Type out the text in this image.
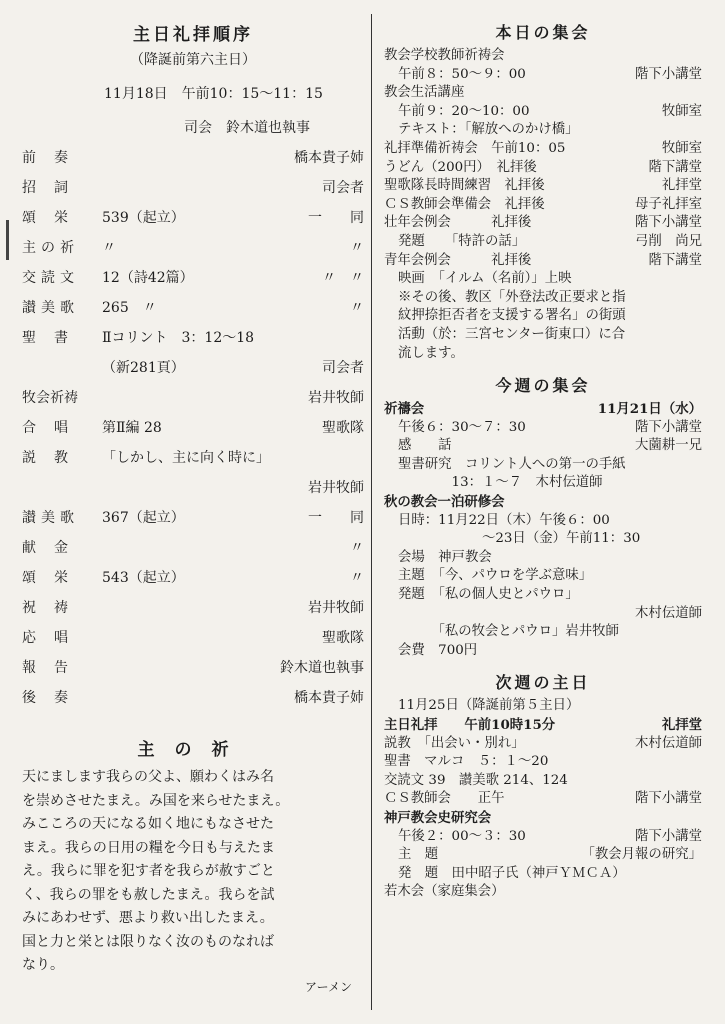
主日礼拝順序
（降誕前第六主日）
11月18日　午前10：15〜11：15
司会　鈴木道也執事
前奏	橋本貴子姉
招詞	司会者
頌栄	539（起立）	一　　同
主の祈	〃	〃
交読文	12（詩42篇）	〃　〃
讃美歌	265　〃	〃
聖書	Ⅱコリント　3：12〜18
（新281頁）	司会者
牧会祈祷	岩井牧師
合唱	第Ⅱ編 28	聖歌隊
説教	「しかし、主に向く時に」
岩井牧師
讃美歌	367（起立）	一　　同
献金	〃
頌栄	543（起立）	〃
祝祷	岩井牧師
応唱	聖歌隊
報告	鈴木道也執事
後奏	橋本貴子姉
主の祈
天にまします我らの父よ、願わくはみ名
を崇めさせたまえ。み国を来らせたまえ。
みこころの天になる如く地にもなさせた
まえ。我らの日用の糧を今日も与えたま
え。我らに罪を犯す者を我らが赦すごと
く、我らの罪をも赦したまえ。我らを試
みにあわせず、悪より救い出したまえ。
国と力と栄とは限りなく汝のものなれば
なり。
アーメン
本日の集会
教会学校教師祈祷会
午前８：50〜９：00	階下小講堂
教会生活講座
午前９：20〜10：00	牧師室
テキスト：「解放へのかけ橋」
礼拝準備祈祷会　午前10：05	牧師室
うどん（200円）　礼拝後	階下講堂
聖歌隊長時間練習　礼拝後	礼拝堂
ＣＳ教師会準備会　礼拝後	母子礼拝室
壮年会例会　　　礼拝後	階下小講堂
発題　　「特許の話」	弓削　尚兄
青年会例会　　　礼拝後	階下講堂
映画　「イルム（名前）」上映
※その後、教区「外登法改正要求と指
紋押捺拒否者を支援する署名」の街頭
活動（於：三宮センター街東口）に合
流します。
今週の集会
祈禱会	11月21日（水）
午後６：30〜７：30	階下小講堂
感　　話	大薗耕一兄
聖書研究　コリント人への第一の手紙
　　　　13：１〜７　木村伝道師
秋の教会一泊研修会
日時：11月22日（木）午後６：00
〜23日（金）午前11：30
会場　神戸教会
主題　「今、パウロを学ぶ意味」
発題　「私の個人史とパウロ」
木村伝道師
　　　「私の牧会とパウロ」岩井牧師
会費　700円
次週の主日
11月25日（降誕前第５主日）
主日礼拝　　午前10時15分	礼拝堂
説教　「出会い・別れ」	木村伝道師
聖書　マルコ　５：１〜20
交読文 39　讃美歌 214、124
ＣＳ教師会　　正午	階下小講堂
神戸教会史研究会
午後２：00〜３：30	階下小講堂
主　題	「教会月報の研究」
発　題　田中昭子氏（神戸ＹＭＣＡ）
若木会（家庭集会）
